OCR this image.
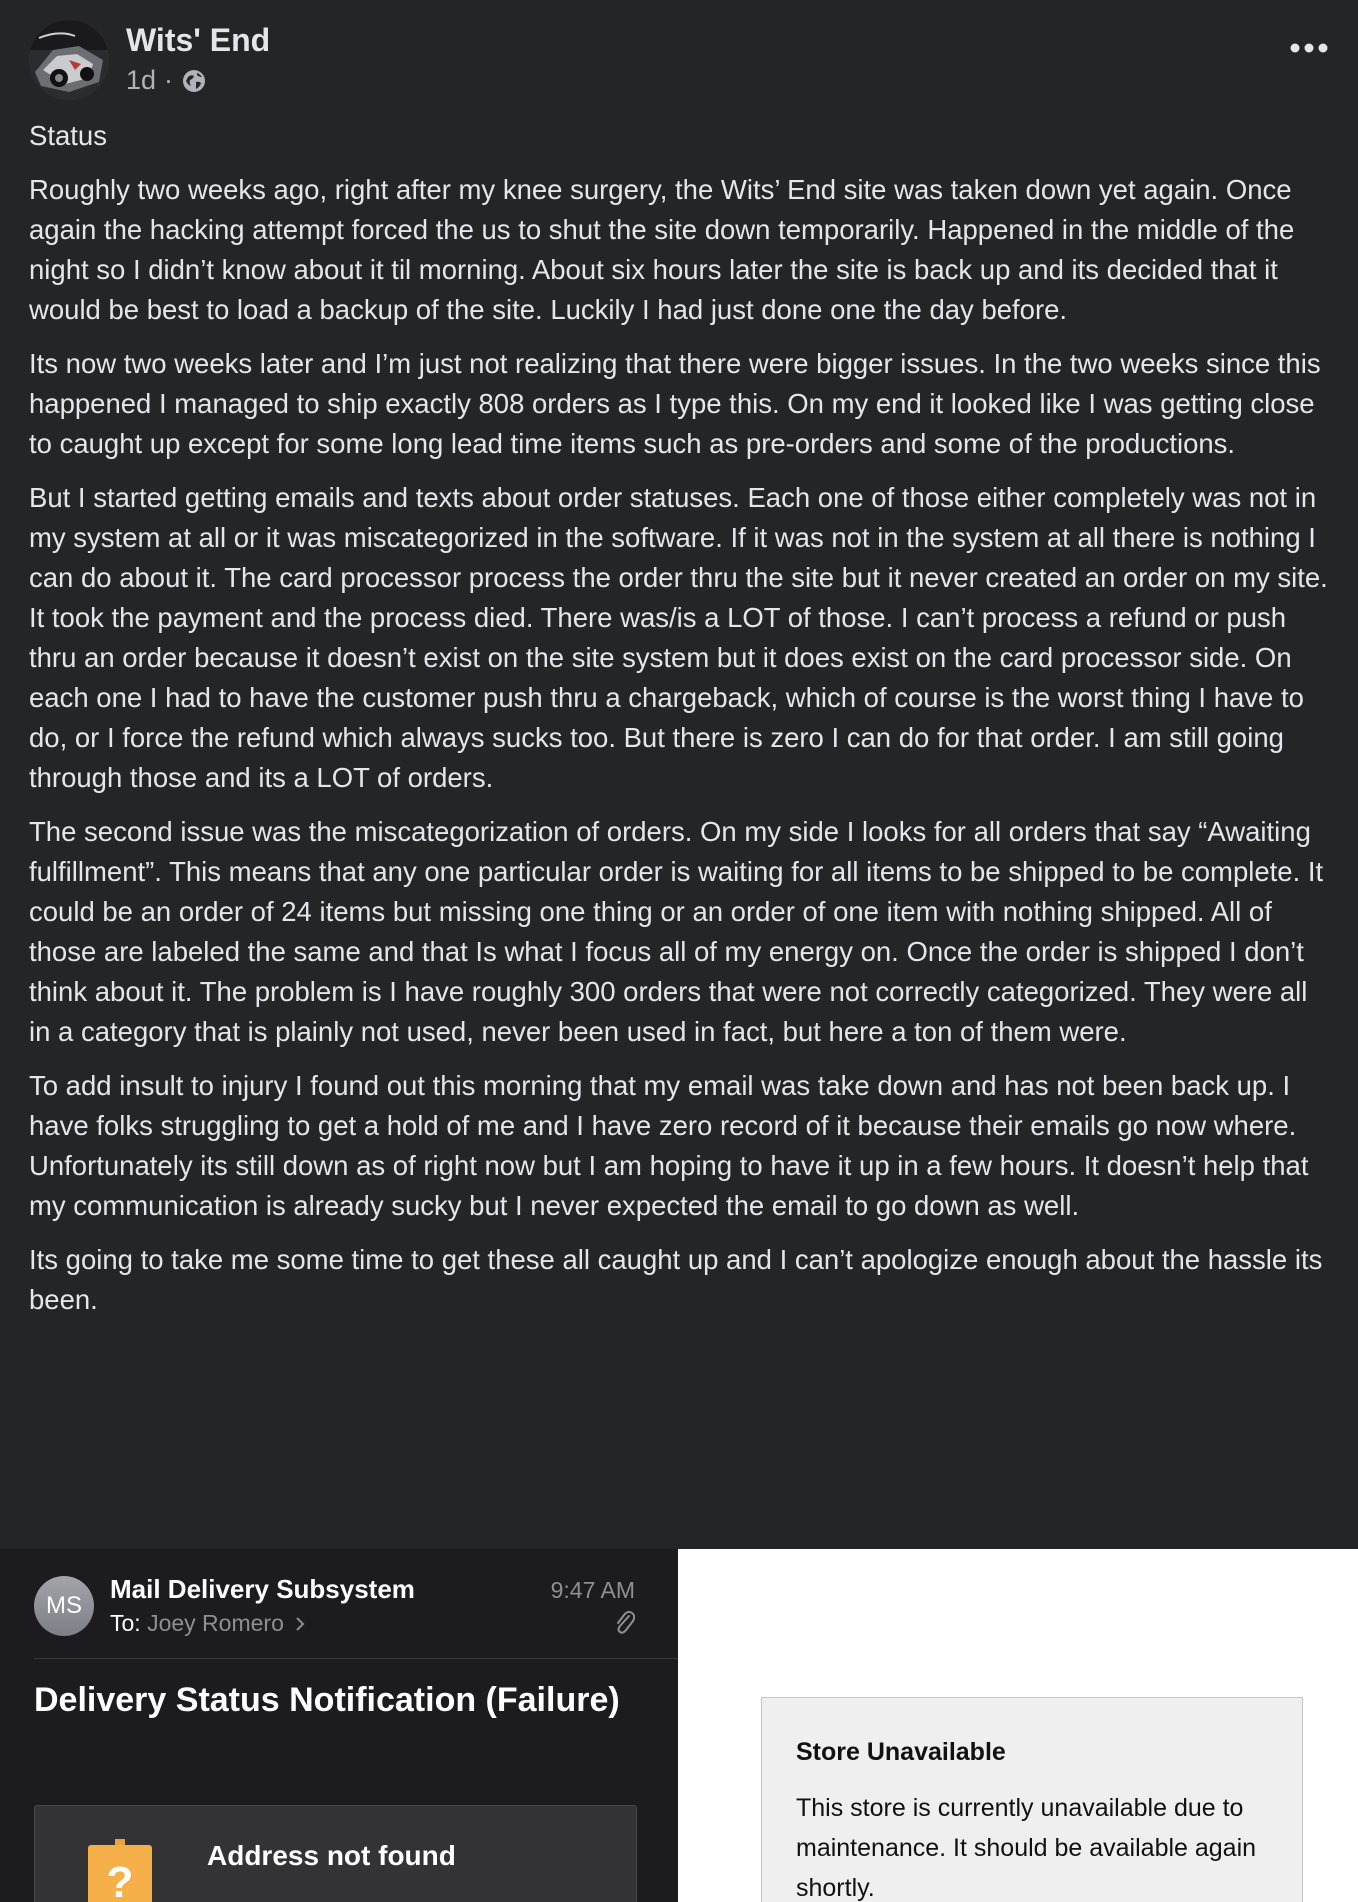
Wits' End
1d ·

Status

Roughly two weeks ago, right after my knee surgery, the Wits’ End site was taken down yet again. Once again the hacking attempt forced the us to shut the site down temporarily. Happened in the middle of the night so I didn’t know about it til morning. About six hours later the site is back up and its decided that it would be best to load a backup of the site. Luckily I had just done one the day before.

Its now two weeks later and I’m just not realizing that there were bigger issues. In the two weeks since this happened I managed to ship exactly 808 orders as I type this. On my end it looked like I was getting close to caught up except for some long lead time items such as pre-orders and some of the productions.

But I started getting emails and texts about order statuses. Each one of those either completely was not in my system at all or it was miscategorized in the software. If it was not in the system at all there is nothing I can do about it. The card processor process the order thru the site but it never created an order on my site. It took the payment and the process died. There was/is a LOT of those. I can’t process a refund or push thru an order because it doesn’t exist on the site system but it does exist on the card processor side. On each one I had to have the customer push thru a chargeback, which of course is the worst thing I have to do, or I force the refund which always sucks too. But there is zero I can do for that order. I am still going through those and its a LOT of orders.

The second issue was the miscategorization of orders. On my side I looks for all orders that say “Awaiting fulfillment”. This means that any one particular order is waiting for all items to be shipped to be complete. It could be an order of 24 items but missing one thing or an order of one item with nothing shipped. All of those are labeled the same and that Is what I focus all of my energy on. Once the order is shipped I don’t think about it. The problem is I have roughly 300 orders that were not correctly categorized. They were all in a category that is plainly not used, never been used in fact, but here a ton of them were.

To add insult to injury I found out this morning that my email was take down and has not been back up. I have folks struggling to get a hold of me and I have zero record of it because their emails go now where. Unfortunately its still down as of right now but I am hoping to have it up in a few hours. It doesn’t help that my communication is already sucky but I never expected the email to go down as well.

Its going to take me some time to get these all caught up and I can’t apologize enough about the hassle its been.

MS
Mail Delivery Subsystem
To: Joey Romero
9:47 AM
Delivery Status Notification (Failure)
?
Address not found
Store Unavailable
This store is currently unavailable due to maintenance. It should be available again shortly.
